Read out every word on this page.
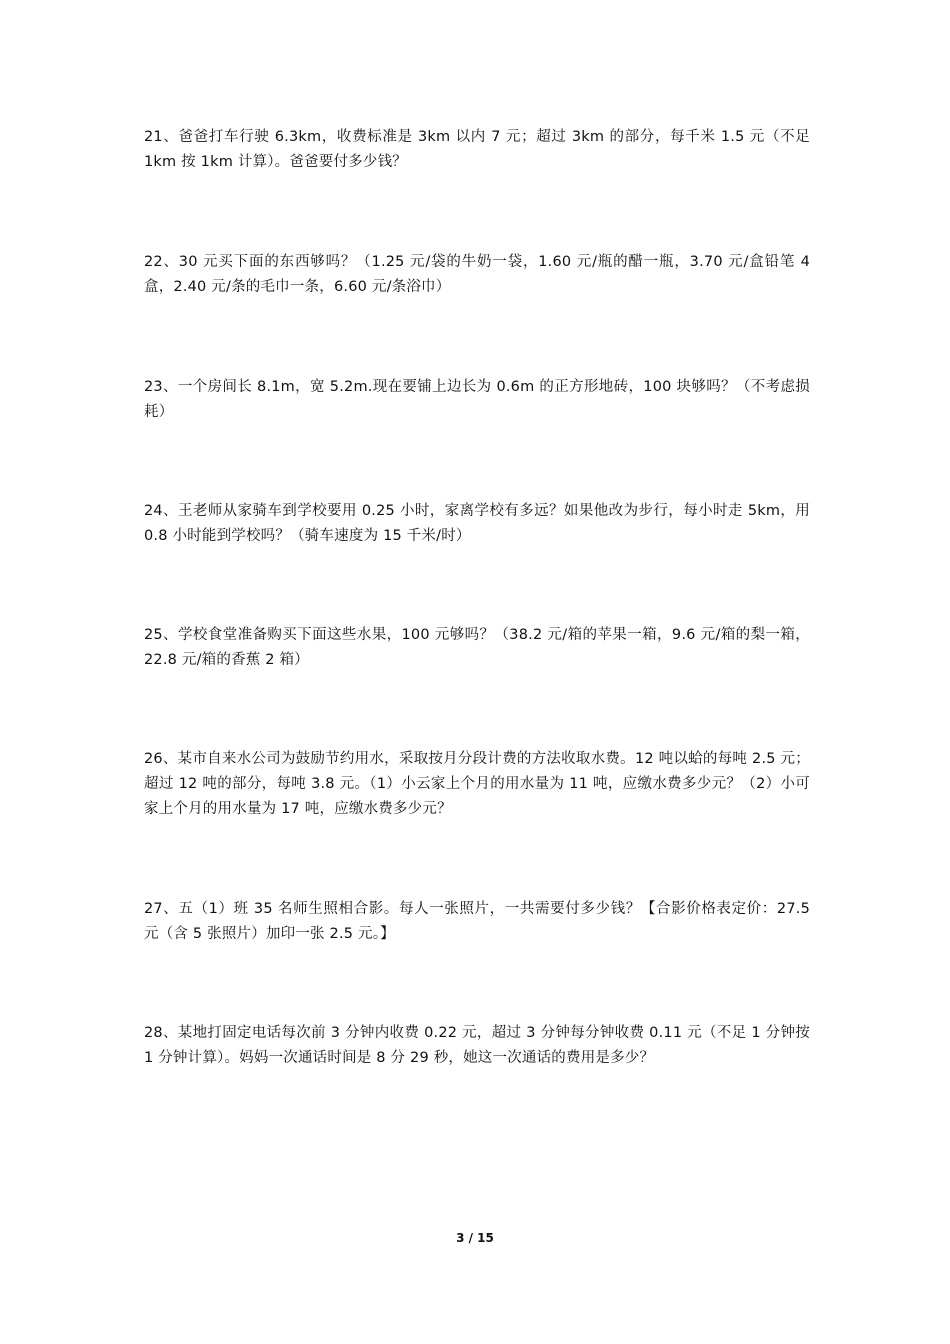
21、爸爸打车行驶 6.3km，收费标准是 3km 以内 7 元；超过 3km 的部分，每千米 1.5 元（不足 1km 按 1km 计算）。爸爸要付多少钱？

22、30 元买下面的东西够吗？（1.25 元/袋的牛奶一袋，1.60 元/瓶的醋一瓶，3.70 元/盒铅笔 4 盒，2.40 元/条的毛巾一条，6.60 元/条浴巾）

23、一个房间长 8.1m，宽 5.2m.现在要铺上边长为 0.6m 的正方形地砖，100 块够吗？（不考虑损耗）

24、王老师从家骑车到学校要用 0.25 小时，家离学校有多远？如果他改为步行，每小时走 5km，用 0.8 小时能到学校吗？（骑车速度为 15 千米/时）

25、学校食堂准备购买下面这些水果，100 元够吗？（38.2 元/箱的苹果一箱，9.6 元/箱的梨一箱，22.8 元/箱的香蕉 2 箱）

26、某市自来水公司为鼓励节约用水，采取按月分段计费的方法收取水费。12 吨以蛤的每吨 2.5 元；超过 12 吨的部分，每吨 3.8 元。（1）小云家上个月的用水量为 11 吨，应缴水费多少元？（2）小可家上个月的用水量为 17 吨，应缴水费多少元？

27、五（1）班 35 名师生照相合影。每人一张照片，一共需要付多少钱？【合影价格表定价：27.5 元（含 5 张照片）加印一张 2.5 元。】

28、某地打固定电话每次前 3 分钟内收费 0.22 元，超过 3 分钟每分钟收费 0.11 元（不足 1 分钟按 1 分钟计算）。妈妈一次通话时间是 8 分 29 秒，她这一次通话的费用是多少？

3 / 15
